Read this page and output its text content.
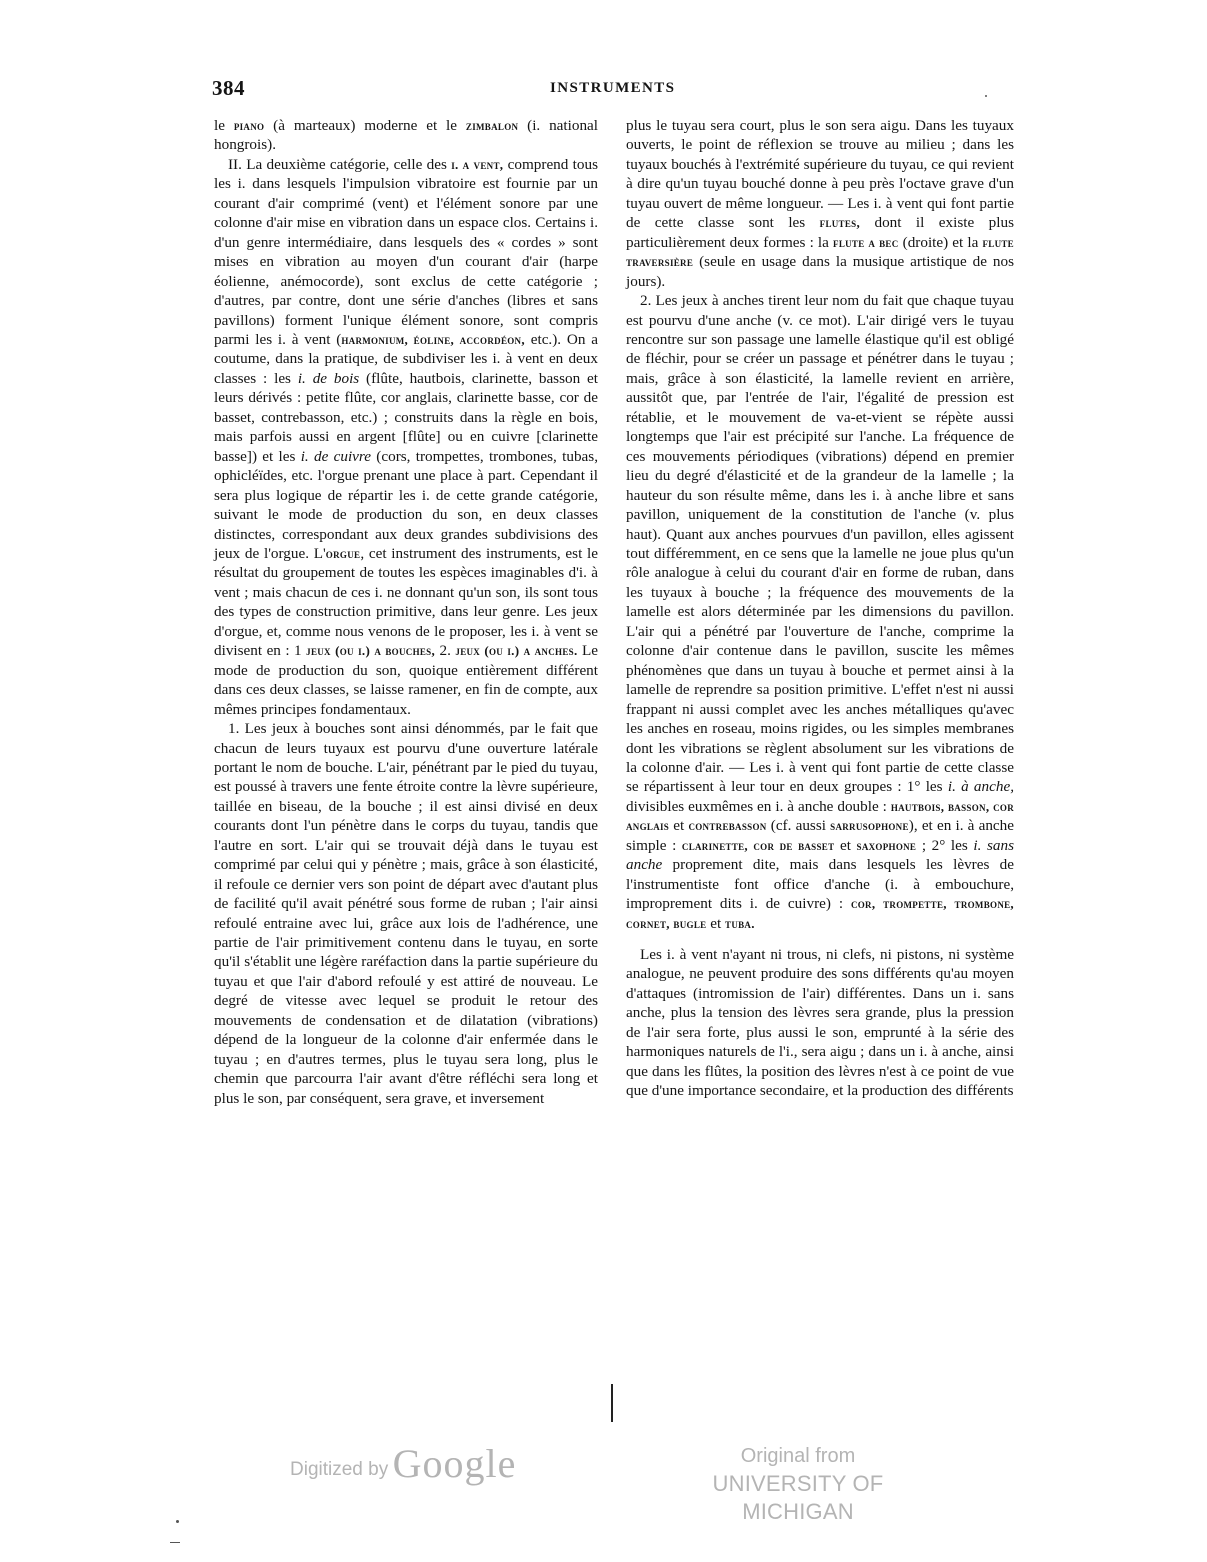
384	INSTRUMENTS

le piano (à marteaux) moderne et le zimbalon (i. national hongrois).

II. La deuxième catégorie, celle des i. a vent, comprend tous les i. dans lesquels l'impulsion vibratoire est fournie par un courant d'air comprimé (vent) et l'élément sonore par une colonne d'air mise en vibration dans un espace clos. Certains i. d'un genre intermédiaire, dans lesquels des « cordes » sont mises en vibration au moyen d'un courant d'air (harpe éolienne, anémocorde), sont exclus de cette catégorie ; d'autres, par contre, dont une série d'anches (libres et sans pavillons) forment l'unique élément sonore, sont compris parmi les i. à vent (harmonium, éoline, accordéon, etc.). On a coutume, dans la pratique, de subdiviser les i. à vent en deux classes : les i. de bois (flûte, hautbois, clarinette, basson et leurs dérivés : petite flûte, cor anglais, clarinette basse, cor de basset, contrebasson, etc.) ; construits dans la règle en bois, mais parfois aussi en argent [flûte] ou en cuivre [clarinette basse]) et les i. de cuivre (cors, trompettes, trombones, tubas, ophicléïdes, etc. l'orgue prenant une place à part. Cependant il sera plus logique de répartir les i. de cette grande catégorie, suivant le mode de production du son, en deux classes distinctes, correspondant aux deux grandes subdivisions des jeux de l'orgue. L'orgue, cet instrument des instruments, est le résultat du groupement de toutes les espèces imaginables d'i. à vent ; mais chacun de ces i. ne donnant qu'un son, ils sont tous des types de construction primitive, dans leur genre. Les jeux d'orgue, et, comme nous venons de le proposer, les i. à vent se divisent en : 1 jeux (ou i.) a bouches, 2. jeux (ou i.) a anches. Le mode de production du son, quoique entièrement différent dans ces deux classes, se laisse ramener, en fin de compte, aux mêmes principes fondamentaux.

1. Les jeux à bouches sont ainsi dénommés, par le fait que chacun de leurs tuyaux est pourvu d'une ouverture latérale portant le nom de bouche. L'air, pénétrant par le pied du tuyau, est poussé à travers une fente étroite contre la lèvre supérieure, taillée en biseau, de la bouche ; il est ainsi divisé en deux courants dont l'un pénètre dans le corps du tuyau, tandis que l'autre en sort. L'air qui se trouvait déjà dans le tuyau est comprimé par celui qui y pénètre ; mais, grâce à son élasticité, il refoule ce dernier vers son point de départ avec d'autant plus de facilité qu'il avait pénétré sous forme de ruban ; l'air ainsi refoulé entraine avec lui, grâce aux lois de l'adhérence, une partie de l'air primitivement contenu dans le tuyau, en sorte qu'il s'établit une légère raréfaction dans la partie supérieure du tuyau et que l'air d'abord refoulé y est attiré de nouveau. Le degré de vitesse avec lequel se produit le retour des mouvements de condensation et de dilatation (vibrations) dépend de la longueur de la colonne d'air enfermée dans le tuyau ; en d'autres termes, plus le tuyau sera long, plus le chemin que parcourra l'air avant d'être réfléchi sera long et plus le son, par conséquent, sera grave, et inversement

plus le tuyau sera court, plus le son sera aigu. Dans les tuyaux ouverts, le point de réflexion se trouve au milieu ; dans les tuyaux bouchés à l'extrémité supérieure du tuyau, ce qui revient à dire qu'un tuyau bouché donne à peu près l'octave grave d'un tuyau ouvert de même longueur. — Les i. à vent qui font partie de cette classe sont les flutes, dont il existe plus particulièrement deux formes : la flute a bec (droite) et la flute traversière (seule en usage dans la musique artistique de nos jours).

2. Les jeux à anches tirent leur nom du fait que chaque tuyau est pourvu d'une anche (v. ce mot). L'air dirigé vers le tuyau rencontre sur son passage une lamelle élastique qu'il est obligé de fléchir, pour se créer un passage et pénétrer dans le tuyau ; mais, grâce à son élasticité, la lamelle revient en arrière, aussitôt que, par l'entrée de l'air, l'égalité de pression est rétablie, et le mouvement de va-et-vient se répète aussi longtemps que l'air est précipité sur l'anche. La fréquence de ces mouvements périodiques (vibrations) dépend en premier lieu du degré d'élasticité et de la grandeur de la lamelle ; la hauteur du son résulte même, dans les i. à anche libre et sans pavillon, uniquement de la constitution de l'anche (v. plus haut). Quant aux anches pourvues d'un pavillon, elles agissent tout différemment, en ce sens que la lamelle ne joue plus qu'un rôle analogue à celui du courant d'air en forme de ruban, dans les tuyaux à bouche ; la fréquence des mouvements de la lamelle est alors déterminée par les dimensions du pavillon. L'air qui a pénétré par l'ouverture de l'anche, comprime la colonne d'air contenue dans le pavillon, suscite les mêmes phénomènes que dans un tuyau à bouche et permet ainsi à la lamelle de reprendre sa position primitive. L'effet n'est ni aussi frappant ni aussi complet avec les anches métalliques qu'avec les anches en roseau, moins rigides, ou les simples membranes dont les vibrations se règlent absolument sur les vibrations de la colonne d'air. — Les i. à vent qui font partie de cette classe se répartissent à leur tour en deux groupes : 1° les i. à anche, divisibles euxmêmes en i. à anche double : hautbois, basson, cor anglais et contrebasson (cf. aussi sarrusophone), et en i. à anche simple : clarinette, cor de basset et saxophone ; 2° les i. sans anche proprement dite, mais dans lesquels les lèvres de l'instrumentiste font office d'anche (i. à embouchure, improprement dits i. de cuivre) : cor, trompette, trombone, cornet, bugle et tuba.

Les i. à vent n'ayant ni trous, ni clefs, ni pistons, ni système analogue, ne peuvent produire des sons différents qu'au moyen d'attaques (intromission de l'air) différentes. Dans un i. sans anche, plus la tension des lèvres sera grande, plus la pression de l'air sera forte, plus aussi le son, emprunté à la série des harmoniques naturels de l'i., sera aigu ; dans un i. à anche, ainsi que dans les flûtes, la position des lèvres n'est à ce point de vue que d'une importance secondaire, et la production des différents

Digitized by Google	Original from
UNIVERSITY OF MICHIGAN
